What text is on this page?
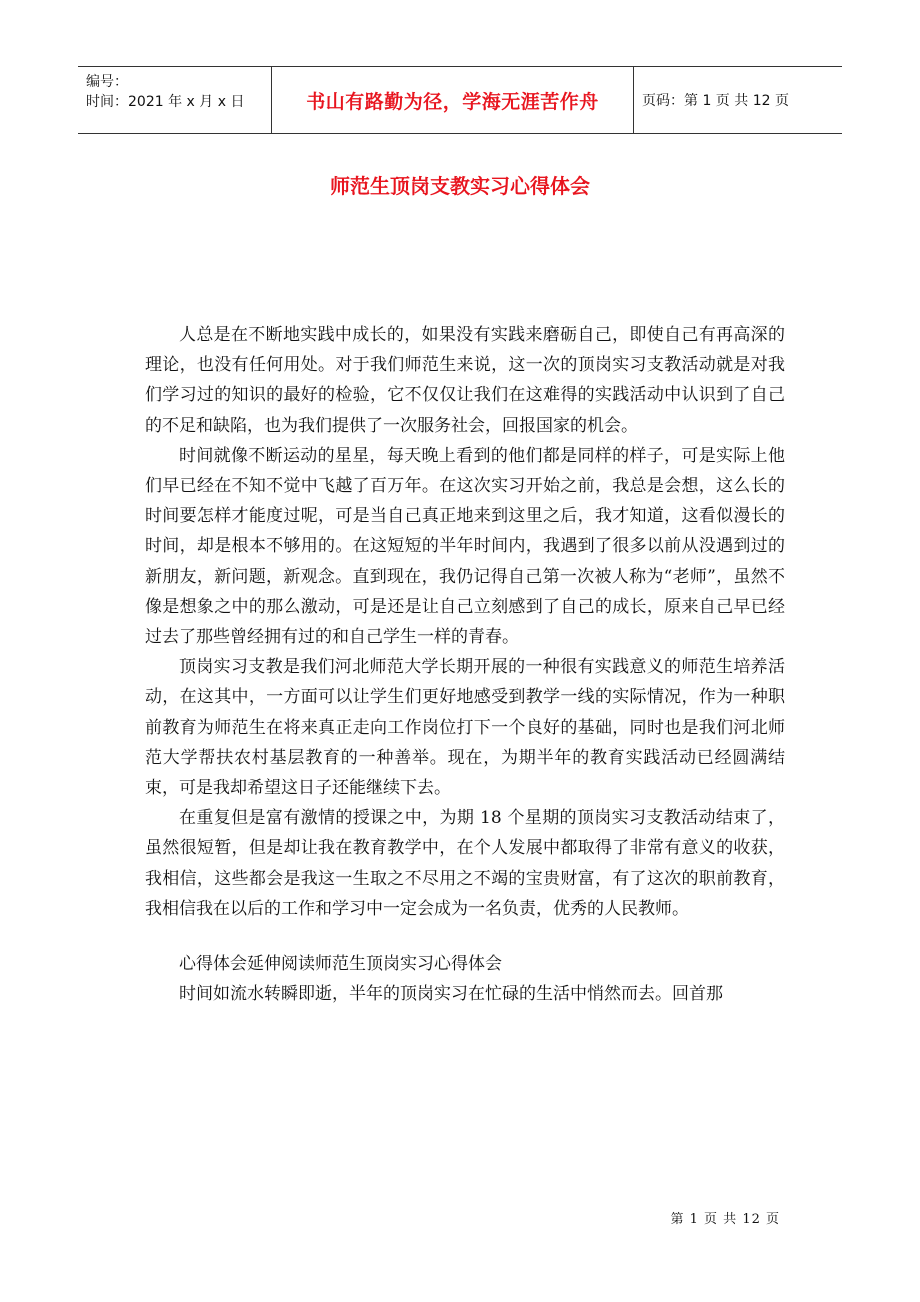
编号：
时间：2021 年 x 月 x 日	书山有路勤为径，学海无涯苦作舟	页码：第 1 页 共 12 页
师范生顶岗支教实习心得体会

人总是在不断地实践中成长的，如果没有实践来磨砺自己，即使自己有再高深的理论，也没有任何用处。对于我们师范生来说，这一次的顶岗实习支教活动就是对我们学习过的知识的最好的检验，它不仅仅让我们在这难得的实践活动中认识到了自己的不足和缺陷，也为我们提供了一次服务社会，回报国家的机会。

时间就像不断运动的星星，每天晚上看到的他们都是同样的样子，可是实际上他们早已经在不知不觉中飞越了百万年。在这次实习开始之前，我总是会想，这么长的时间要怎样才能度过呢，可是当自己真正地来到这里之后，我才知道，这看似漫长的时间，却是根本不够用的。在这短短的半年时间内，我遇到了很多以前从没遇到过的新朋友，新问题，新观念。直到现在，我仍记得自己第一次被人称为“老师”，虽然不像是想象之中的那么激动，可是还是让自己立刻感到了自己的成长，原来自己早已经过去了那些曾经拥有过的和自己学生一样的青春。

顶岗实习支教是我们河北师范大学长期开展的一种很有实践意义的师范生培养活动，在这其中，一方面可以让学生们更好地感受到教学一线的实际情况，作为一种职前教育为师范生在将来真正走向工作岗位打下一个良好的基础，同时也是我们河北师范大学帮扶农村基层教育的一种善举。现在，为期半年的教育实践活动已经圆满结束，可是我却希望这日子还能继续下去。

在重复但是富有激情的授课之中，为期 18 个星期的顶岗实习支教活动结束了，虽然很短暂，但是却让我在教育教学中，在个人发展中都取得了非常有意义的收获，我相信，这些都会是我这一生取之不尽用之不竭的宝贵财富，有了这次的职前教育，我相信我在以后的工作和学习中一定会成为一名负责，优秀的人民教师。

心得体会延伸阅读师范生顶岗实习心得体会

时间如流水转瞬即逝，半年的顶岗实习在忙碌的生活中悄然而去。回首那

第 1 页 共 12 页
